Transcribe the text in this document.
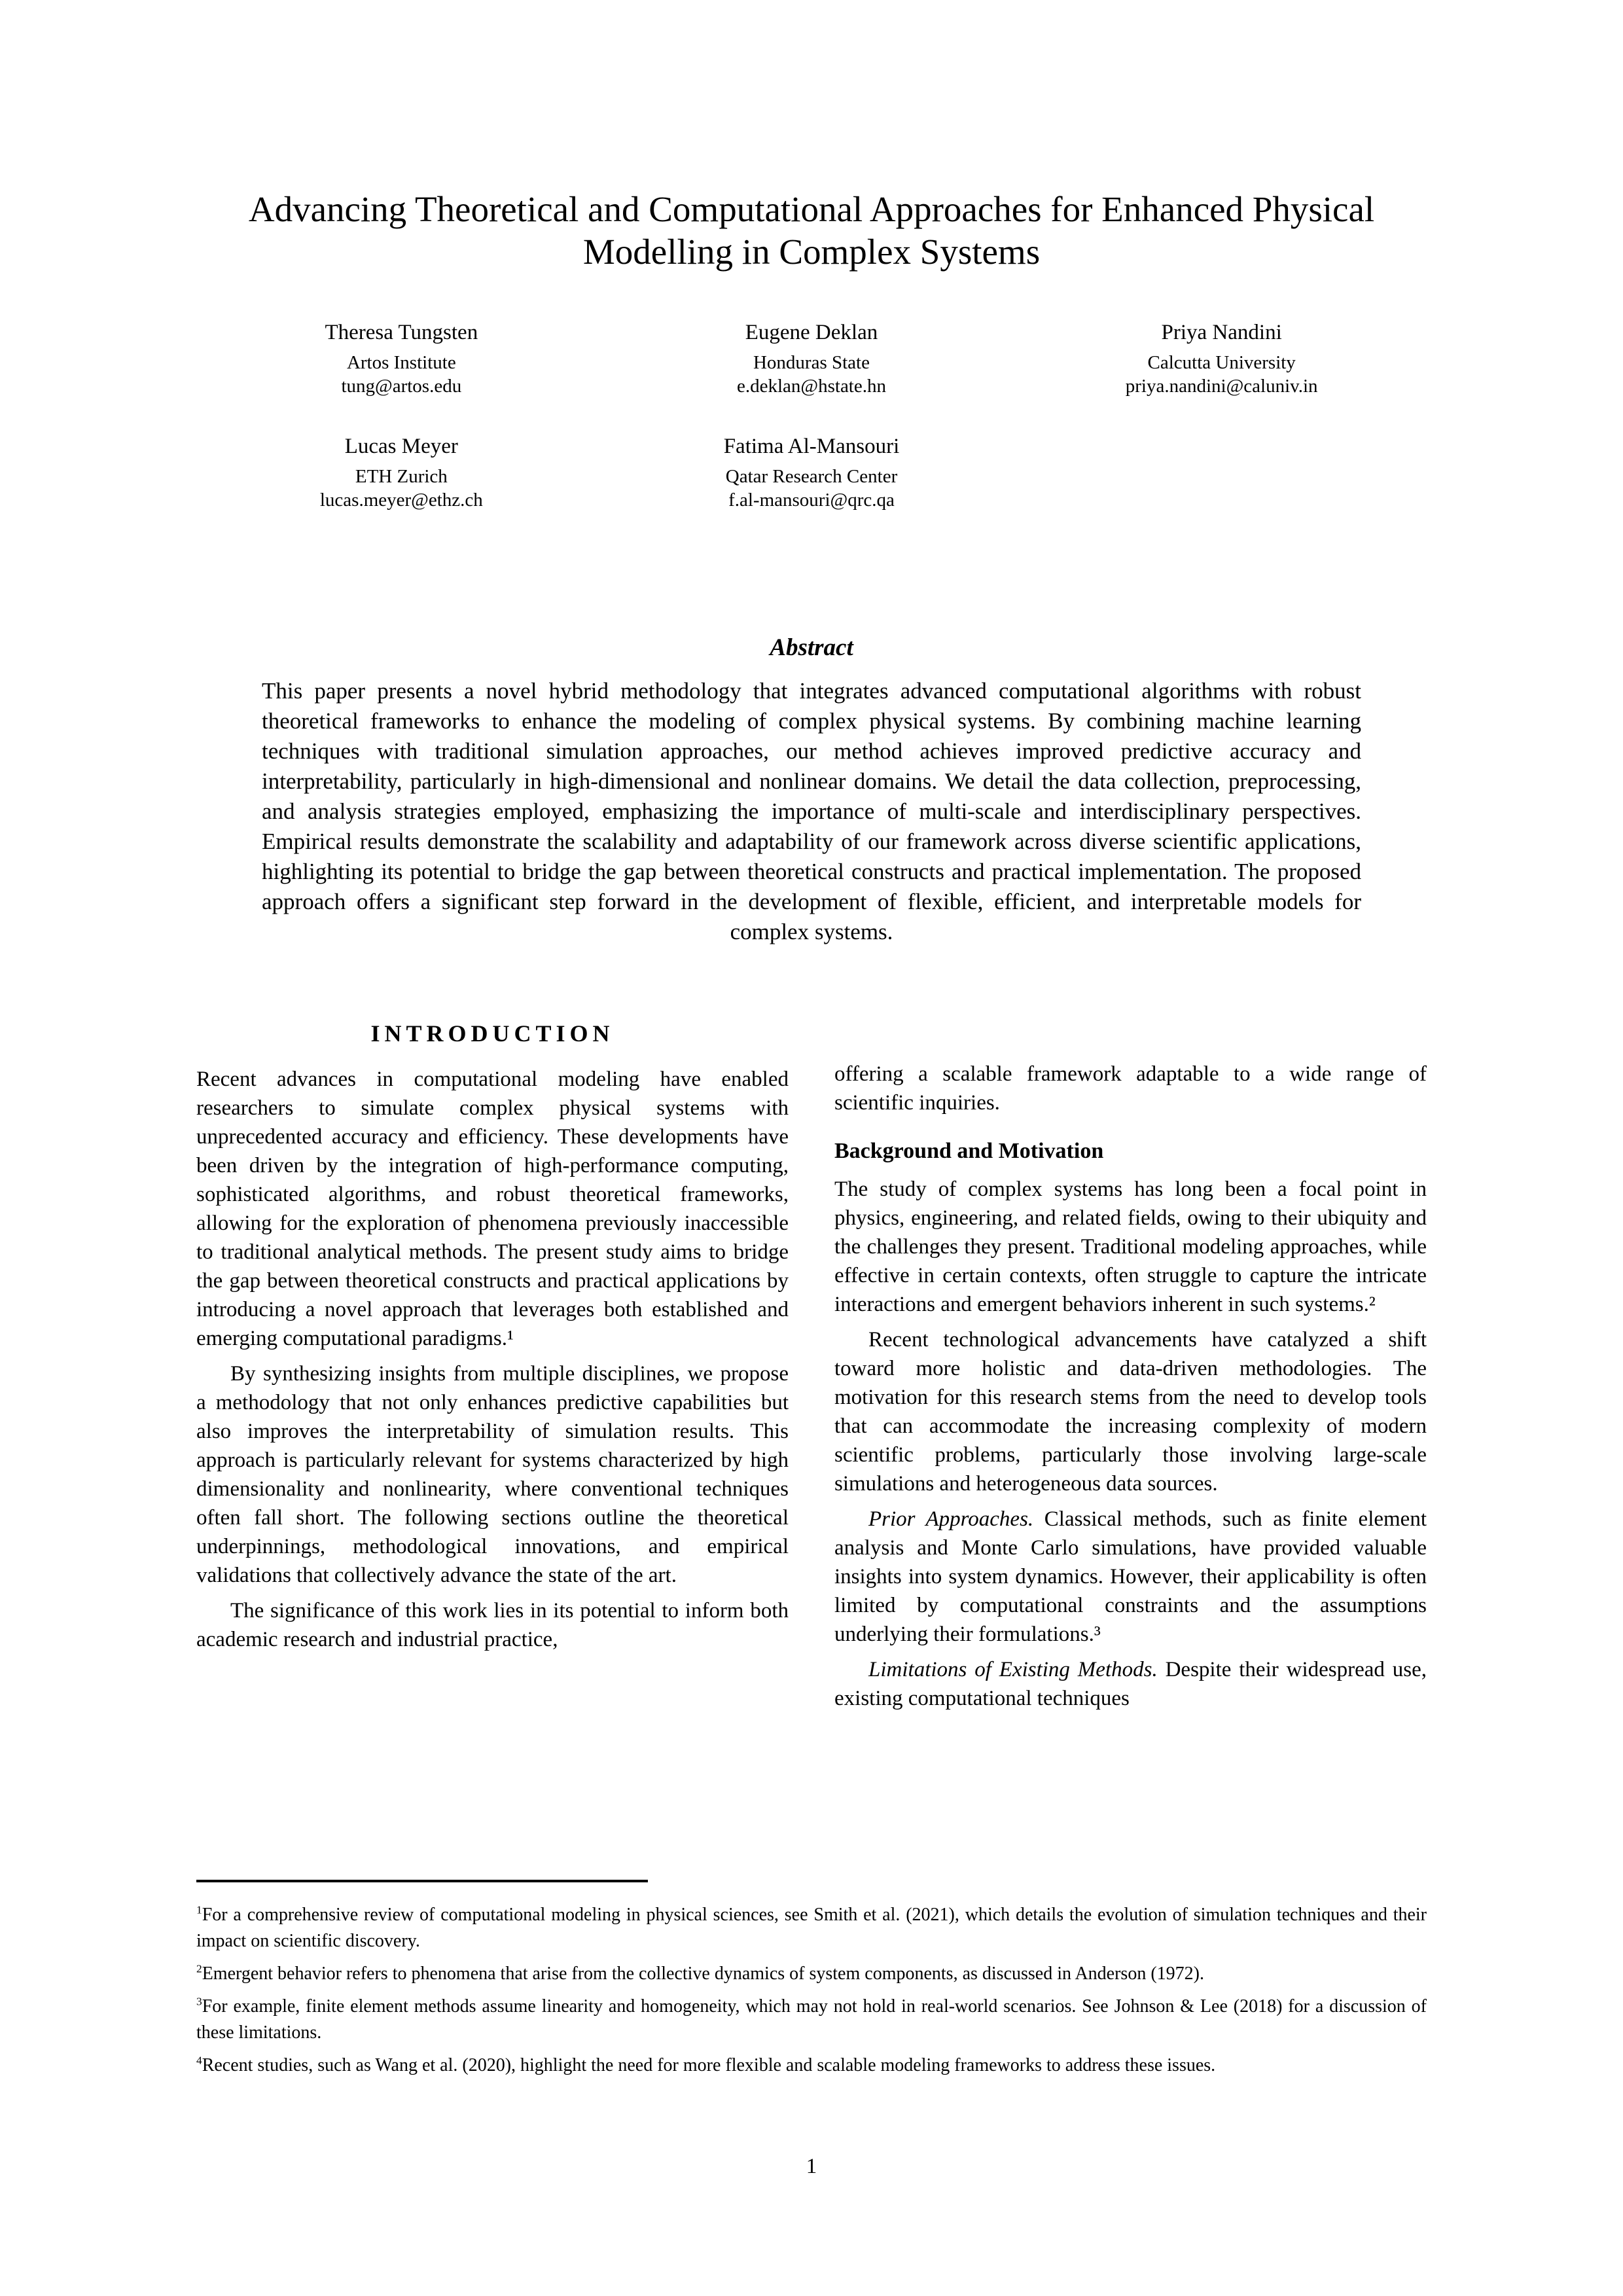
Advancing Theoretical and Computational Approaches for Enhanced Physical Modelling in Complex Systems
Theresa Tungsten
Artos Institute
tung@artos.edu
Eugene Deklan
Honduras State
e.deklan@hstate.hn
Priya Nandini
Calcutta University
priya.nandini@caluniv.in
Lucas Meyer
ETH Zurich
lucas.meyer@ethz.ch
Fatima Al-Mansouri
Qatar Research Center
f.al-mansouri@qrc.qa
Abstract

This paper presents a novel hybrid methodology that integrates advanced computational algorithms with robust theoretical frameworks to enhance the modeling of complex physical systems. By combining machine learning techniques with traditional simulation approaches, our method achieves improved predictive accuracy and interpretability, particularly in high-dimensional and nonlinear domains. We detail the data collection, preprocessing, and analysis strategies employed, emphasizing the importance of multi-scale and interdisciplinary perspectives. Empirical results demonstrate the scalability and adaptability of our framework across diverse scientific applications, highlighting its potential to bridge the gap between theoretical constructs and practical implementation. The proposed approach offers a significant step forward in the development of flexible, efficient, and interpretable models for complex systems.

INTRODUCTION

Recent advances in computational modeling have enabled researchers to simulate complex physical systems with unprecedented accuracy and efficiency. These developments have been driven by the integration of high-performance computing, sophisticated algorithms, and robust theoretical frameworks, allowing for the exploration of phenomena previously inaccessible to traditional analytical methods. The present study aims to bridge the gap between theoretical constructs and practical applications by introducing a novel approach that leverages both established and emerging computational paradigms.¹

By synthesizing insights from multiple disciplines, we propose a methodology that not only enhances predictive capabilities but also improves the interpretability of simulation results. This approach is particularly relevant for systems characterized by high dimensionality and nonlinearity, where conventional techniques often fall short. The following sections outline the theoretical underpinnings, methodological innovations, and empirical validations that collectively advance the state of the art.

The significance of this work lies in its potential to inform both academic research and industrial practice,

offering a scalable framework adaptable to a wide range of scientific inquiries.

Background and Motivation

The study of complex systems has long been a focal point in physics, engineering, and related fields, owing to their ubiquity and the challenges they present. Traditional modeling approaches, while effective in certain contexts, often struggle to capture the intricate interactions and emergent behaviors inherent in such systems.²

Recent technological advancements have catalyzed a shift toward more holistic and data-driven methodologies. The motivation for this research stems from the need to develop tools that can accommodate the increasing complexity of modern scientific problems, particularly those involving large-scale simulations and heterogeneous data sources.

Prior Approaches. Classical methods, such as finite element analysis and Monte Carlo simulations, have provided valuable insights into system dynamics. However, their applicability is often limited by computational constraints and the assumptions underlying their formulations.³

Limitations of Existing Methods. Despite their widespread use, existing computational techniques

$^1$For a comprehensive review of computational modeling in physical sciences, see Smith et al. (2021), which details the evolution of simulation techniques and their impact on scientific discovery.

$^2$Emergent behavior refers to phenomena that arise from the collective dynamics of system components, as discussed in Anderson (1972).

$^3$For example, finite element methods assume linearity and homogeneity, which may not hold in real-world scenarios. See Johnson & Lee (2018) for a discussion of these limitations.

$^4$Recent studies, such as Wang et al. (2020), highlight the need for more flexible and scalable modeling frameworks to address these issues.

1
